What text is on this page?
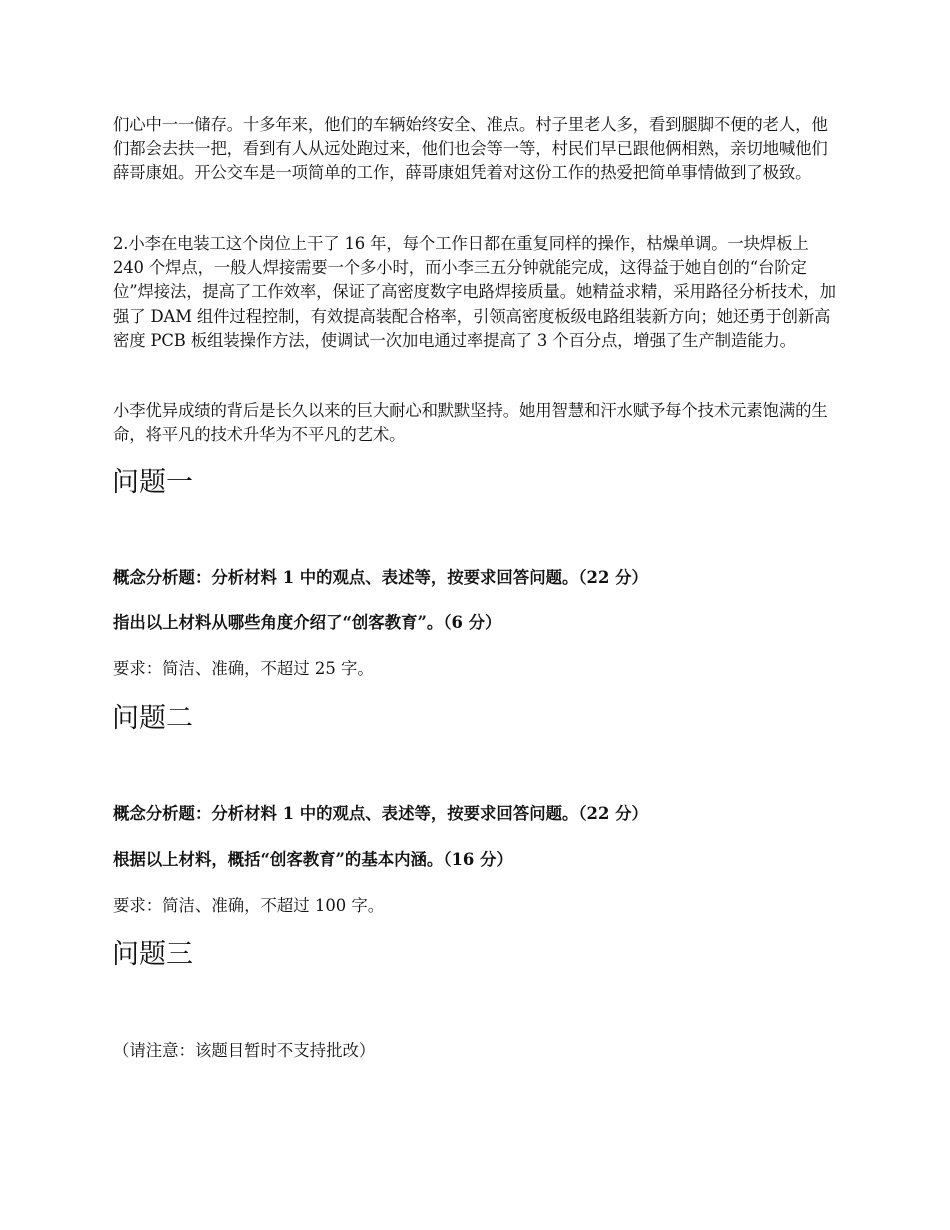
们心中一一储存。十多年来，他们的车辆始终安全、准点。村子里老人多，看到腿脚不便的老人，他们都会去扶一把，看到有人从远处跑过来，他们也会等一等，村民们早已跟他俩相熟，亲切地喊他们薛哥康姐。开公交车是一项简单的工作，薛哥康姐凭着对这份工作的热爱把简单事情做到了极致。

2.小李在电装工这个岗位上干了 16 年，每个工作日都在重复同样的操作，枯燥单调。一块焊板上 240 个焊点，一般人焊接需要一个多小时，而小李三五分钟就能完成，这得益于她自创的“台阶定位”焊接法，提高了工作效率，保证了高密度数字电路焊接质量。她精益求精，采用路径分析技术，加强了 DAM 组件过程控制，有效提高装配合格率，引领高密度板级电路组装新方向；她还勇于创新高密度 PCB 板组装操作方法，使调试一次加电通过率提高了 3 个百分点，增强了生产制造能力。

小李优异成绩的背后是长久以来的巨大耐心和默默坚持。她用智慧和汗水赋予每个技术元素饱满的生命，将平凡的技术升华为不平凡的艺术。

问题一

概念分析题：分析材料 1 中的观点、表述等，按要求回答问题。（22 分）

指出以上材料从哪些角度介绍了“创客教育”。（6 分）

要求：简洁、准确，不超过 25 字。

问题二

概念分析题：分析材料 1 中的观点、表述等，按要求回答问题。（22 分）

根据以上材料，概括“创客教育”的基本内涵。（16 分）

要求：简洁、准确，不超过 100 字。

问题三

（请注意：该题目暂时不支持批改）
